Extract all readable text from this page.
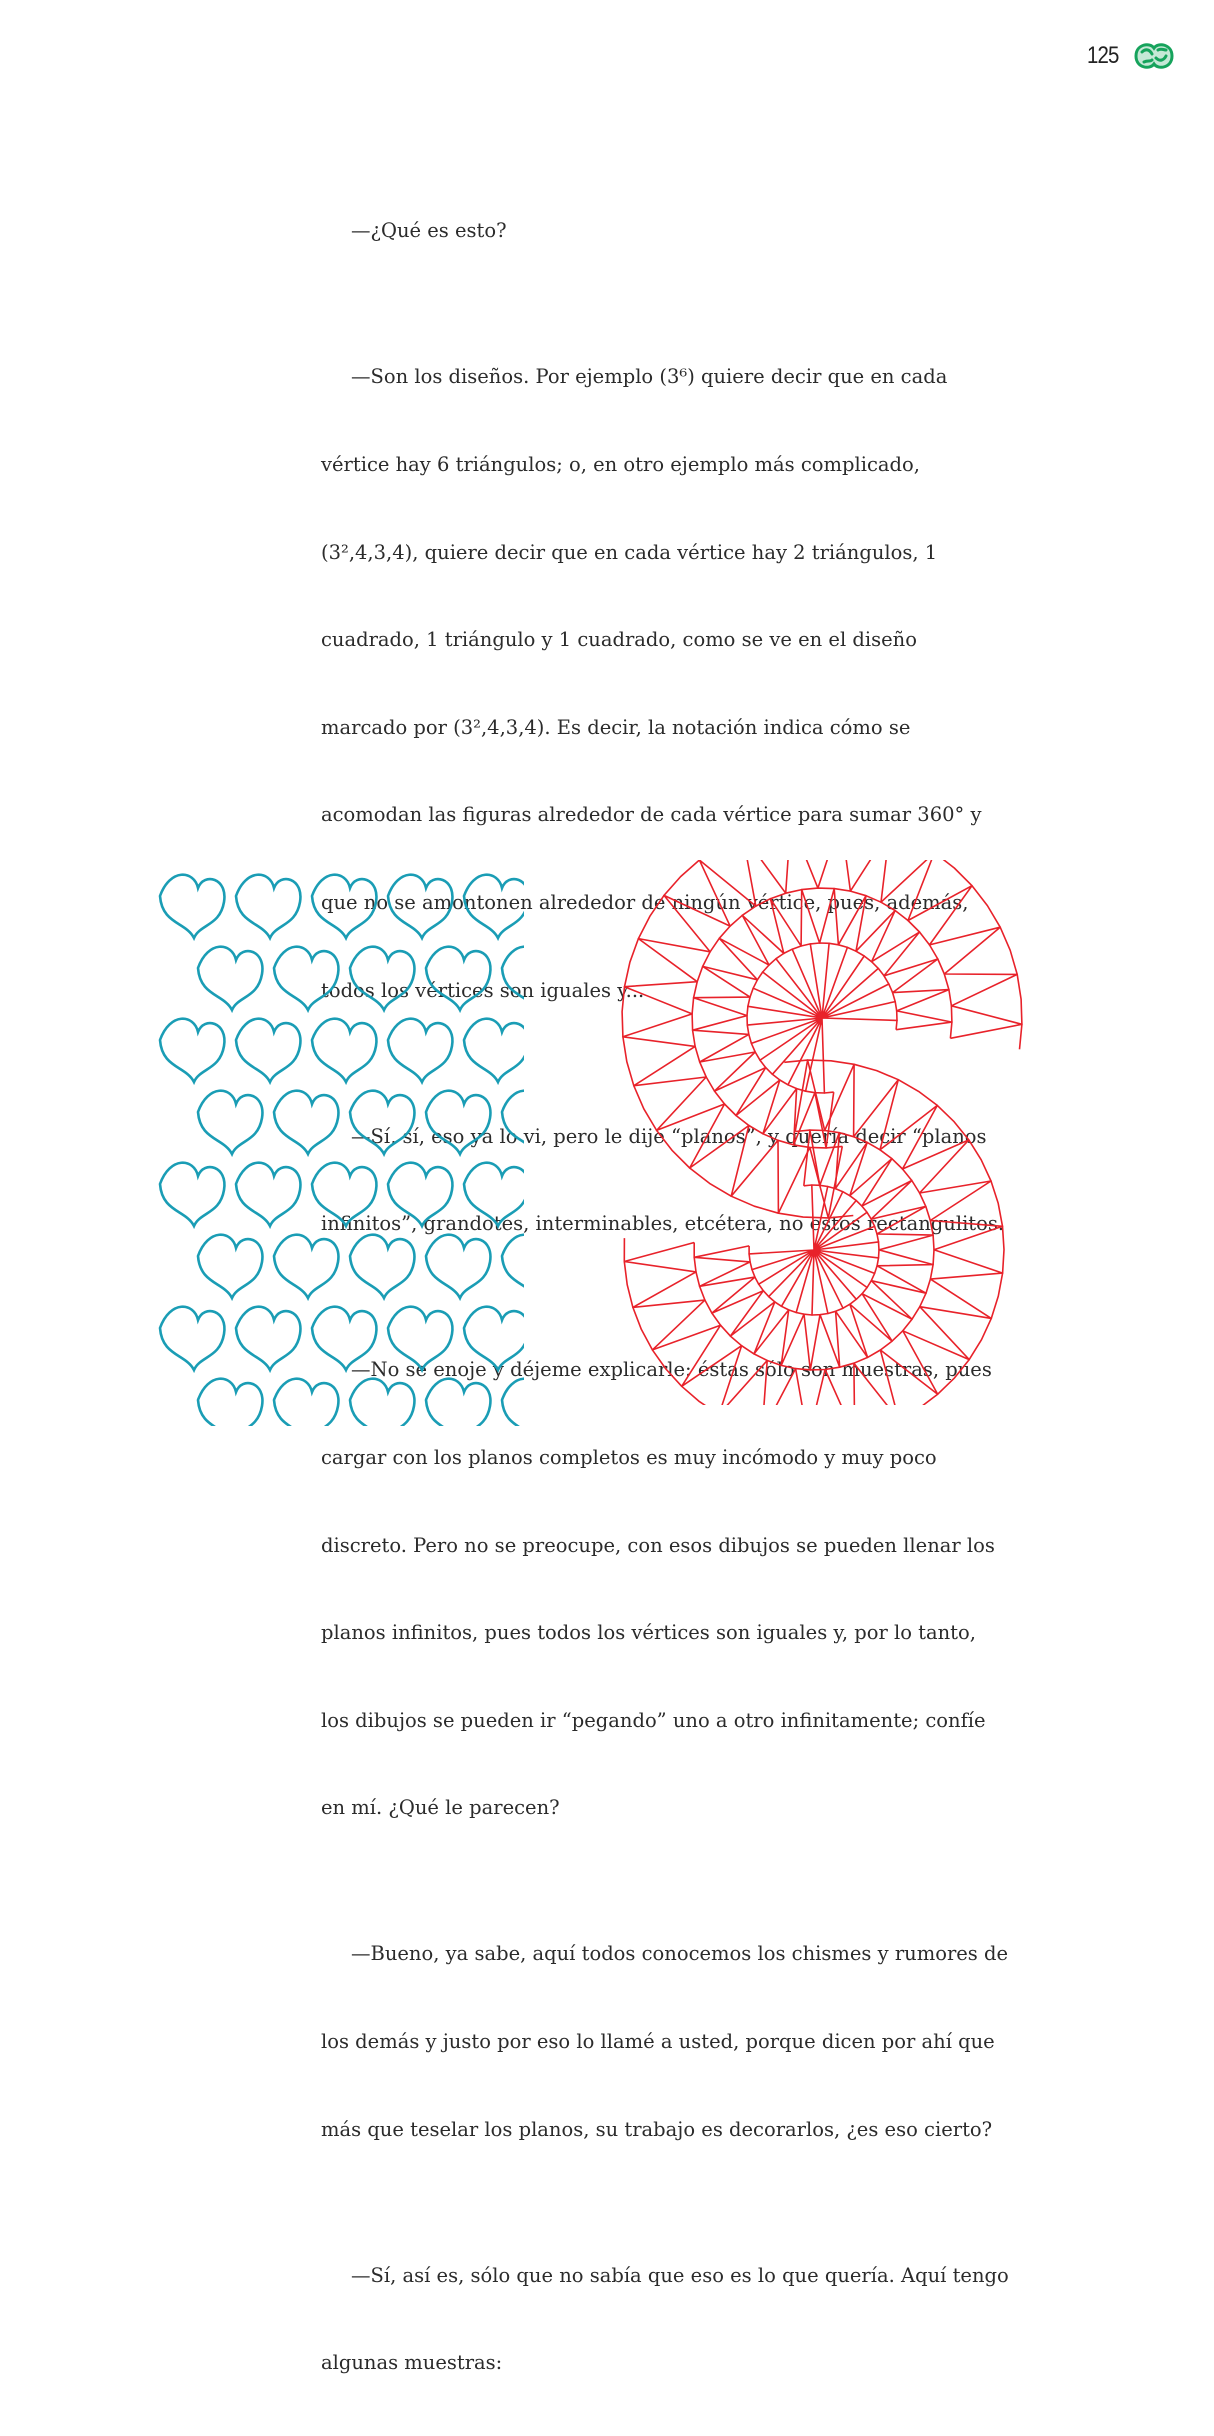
125

—¿Qué es esto?

—Son los diseños. Por ejemplo (3⁶) quiere decir que en cada

vértice hay 6 triángulos; o, en otro ejemplo más complicado,

(3²,4,3,4), quiere decir que en cada vértice hay 2 triángulos, 1

cuadrado, 1 triángulo y 1 cuadrado, como se ve en el diseño

marcado por (3²,4,3,4). Es decir, la notación indica cómo se

acomodan las figuras alrededor de cada vértice para sumar 360° y

que no se amontonen alrededor de ningún vértice, pues, además,

todos los vértices son iguales y...

—Sí, sí, eso ya lo vi, pero le dije “planos”, y quería decir “planos

infinitos”, grandotes, interminables, etcétera, no estos rectangulitos.

—No se enoje y déjeme explicarle: éstas sólo son muestras, pues

cargar con los planos completos es muy incómodo y muy poco

discreto. Pero no se preocupe, con esos dibujos se pueden llenar los

planos infinitos, pues todos los vértices son iguales y, por lo tanto,

los dibujos se pueden ir “pegando” uno a otro infinitamente; confíe

en mí. ¿Qué le parecen?

—Bueno, ya sabe, aquí todos conocemos los chismes y rumores de

los demás y justo por eso lo llamé a usted, porque dicen por ahí que

más que teselar los planos, su trabajo es decorarlos, ¿es eso cierto?

—Sí, así es, sólo que no sabía que eso es lo que quería. Aquí tengo

algunas muestras:
